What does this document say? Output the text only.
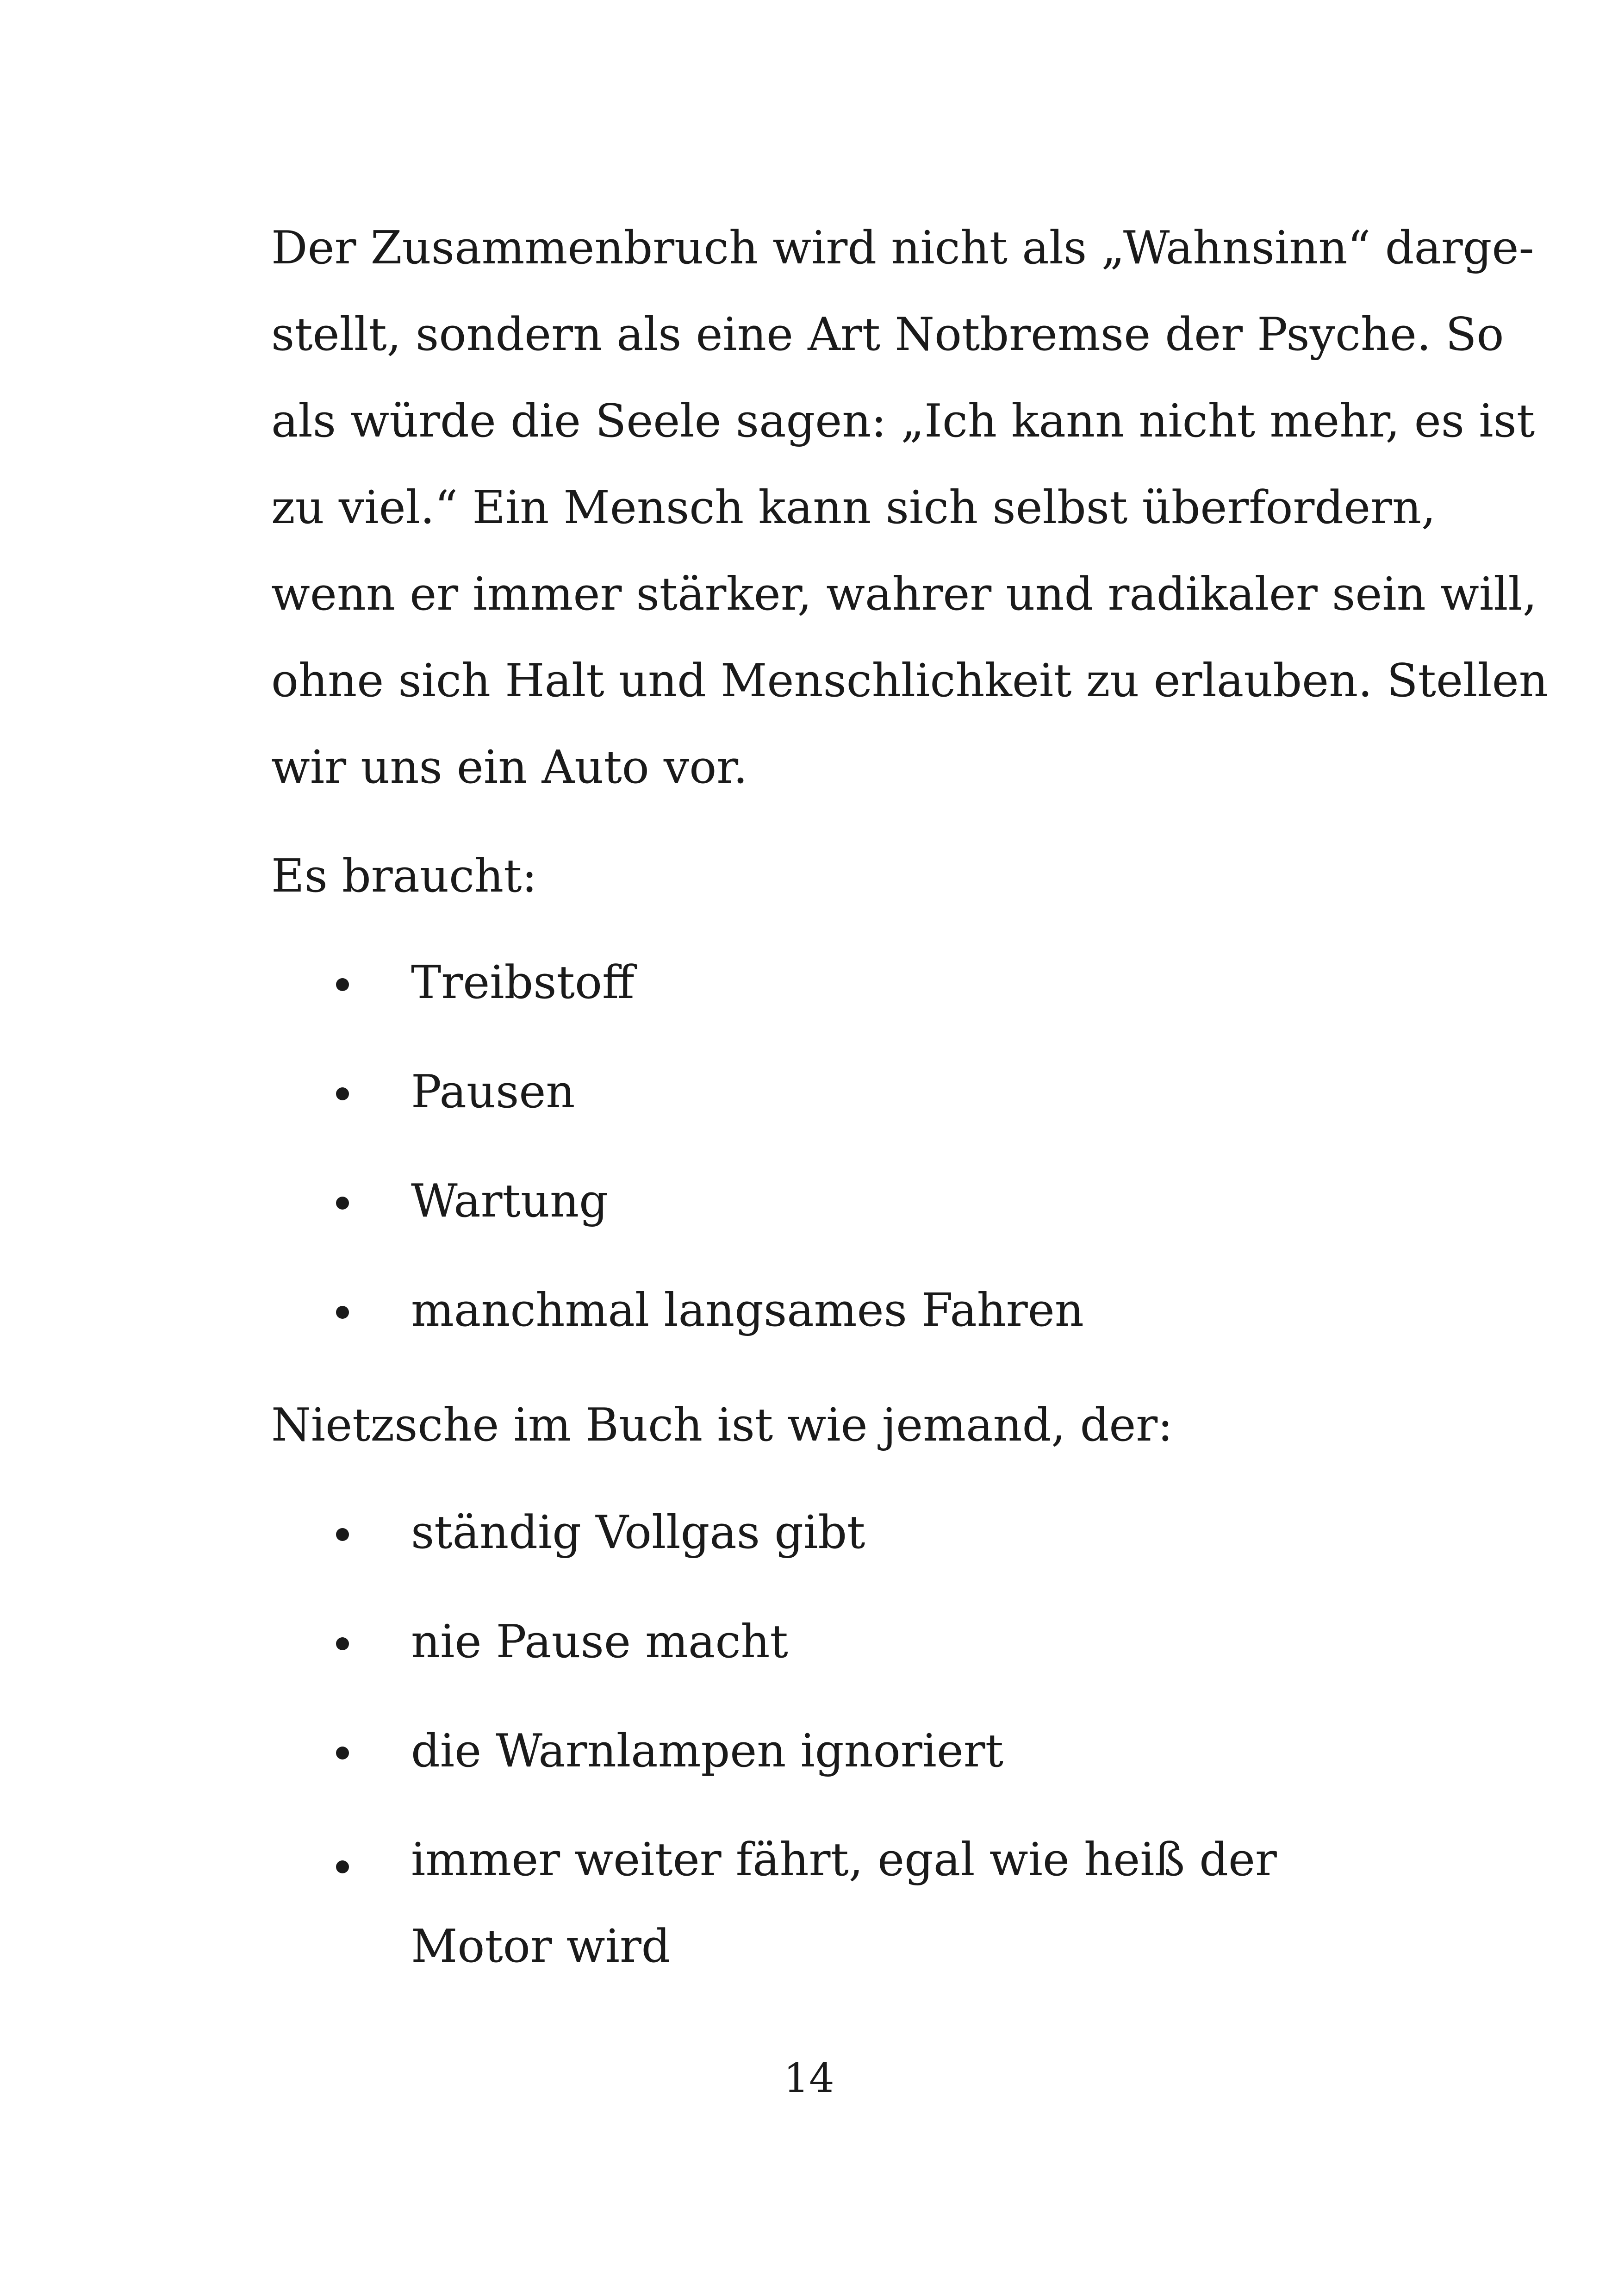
Der Zusammenbruch wird nicht als „Wahnsinn“ darge-
stellt, sondern als eine Art Notbremse der Psyche. So
als würde die Seele sagen: „Ich kann nicht mehr, es ist
zu viel.“ Ein Mensch kann sich selbst überfordern,
wenn er immer stärker, wahrer und radikaler sein will,
ohne sich Halt und Menschlichkeit zu erlauben. Stellen
wir uns ein Auto vor.

Es braucht:

Treibstoff
Pausen
Wartung
manchmal langsames Fahren

Nietzsche im Buch ist wie jemand, der:

ständig Vollgas gibt
nie Pause macht
die Warnlampen ignoriert
immer weiter fährt, egal wie heiß der Motor wird

14
